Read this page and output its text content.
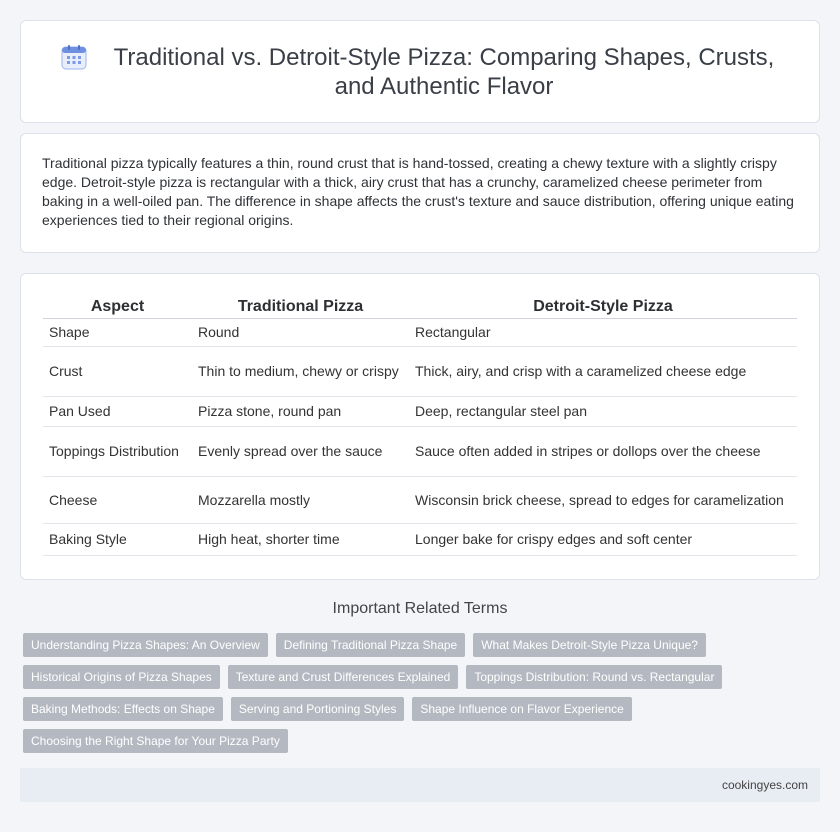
Traditional vs. Detroit-Style Pizza: Comparing Shapes, Crusts, and Authentic Flavor

Traditional pizza typically features a thin, round crust that is hand-tossed, creating a chewy texture with a slightly crispy edge. Detroit-style pizza is rectangular with a thick, airy crust that has a crunchy, caramelized cheese perimeter from baking in a well-oiled pan. The difference in shape affects the crust's texture and sauce distribution, offering unique eating experiences tied to their regional origins.

Aspect	Traditional Pizza	Detroit-Style Pizza
Shape	Round	Rectangular
Crust	Thin to medium, chewy or crispy	Thick, airy, and crisp with a caramelized cheese edge
Pan Used	Pizza stone, round pan	Deep, rectangular steel pan
Toppings Distribution	Evenly spread over the sauce	Sauce often added in stripes or dollops over the cheese
Cheese	Mozzarella mostly	Wisconsin brick cheese, spread to edges for caramelization
Baking Style	High heat, shorter time	Longer bake for crispy edges and soft center
Important Related Terms
Understanding Pizza Shapes: An Overview	Defining Traditional Pizza Shape	What Makes Detroit-Style Pizza Unique?
Historical Origins of Pizza Shapes	Texture and Crust Differences Explained	Toppings Distribution: Round vs. Rectangular
Baking Methods: Effects on Shape	Serving and Portioning Styles	Shape Influence on Flavor Experience
Choosing the Right Shape for Your Pizza Party
cookingyes.com
